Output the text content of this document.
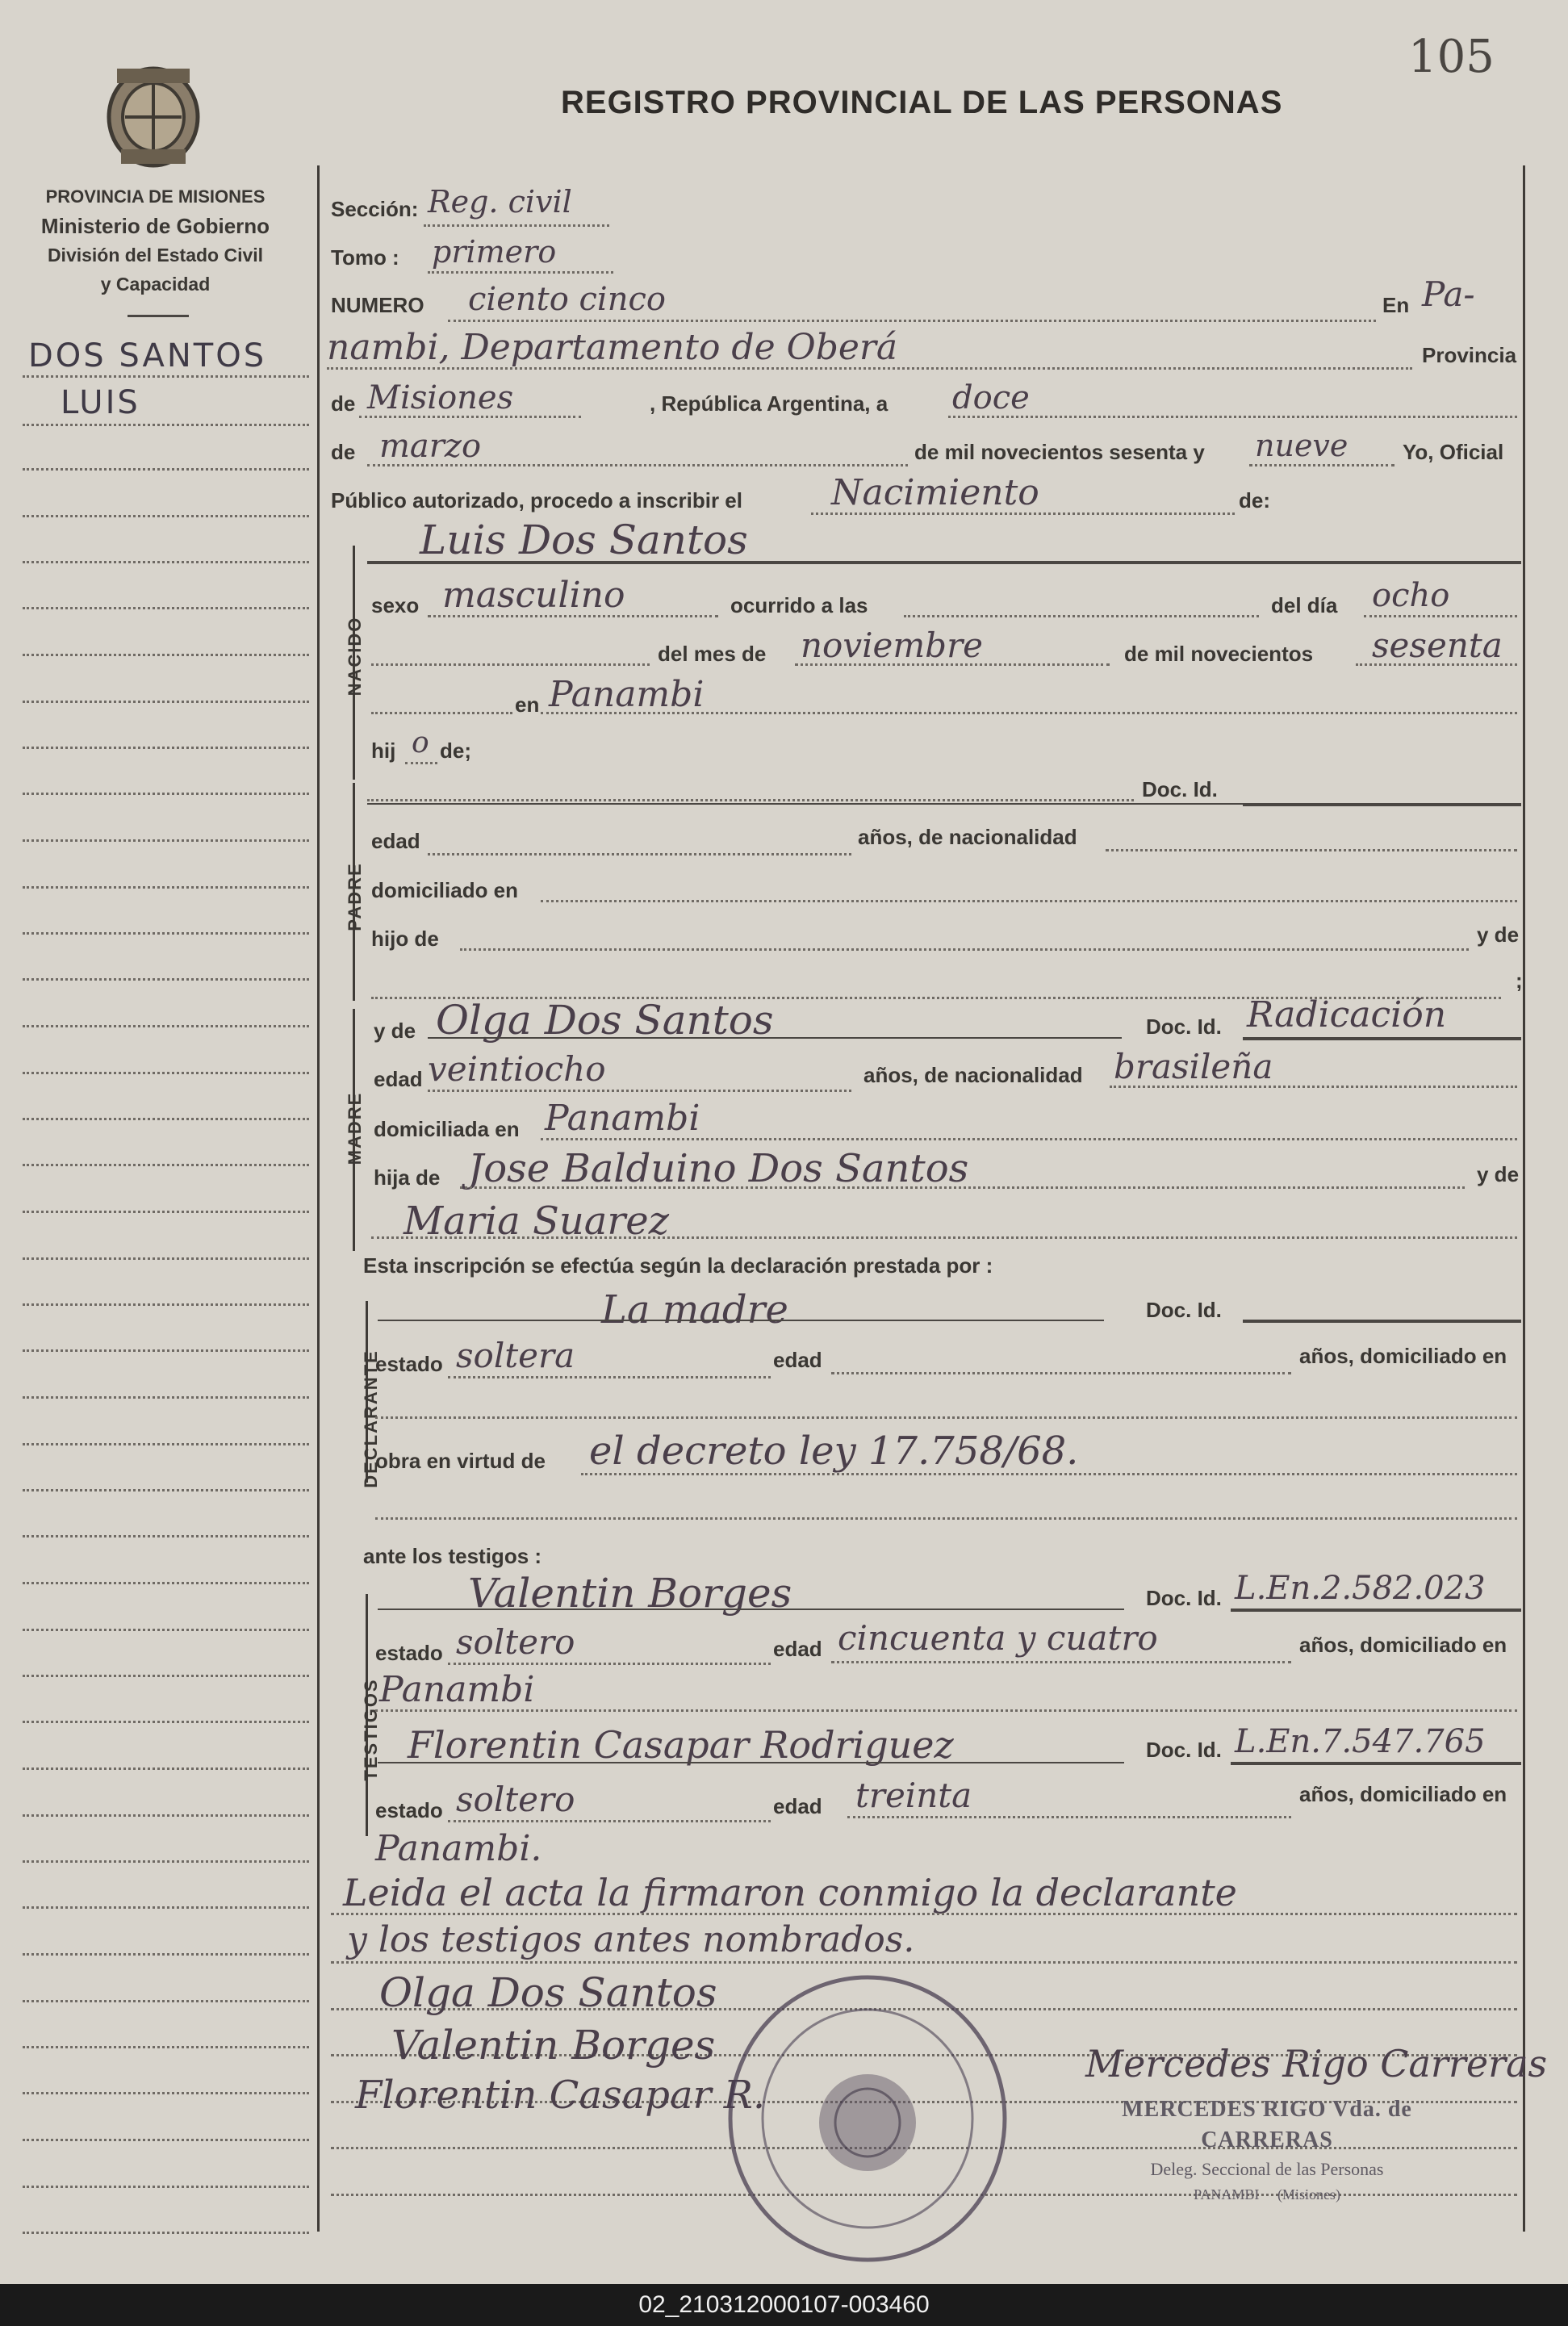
105
REGISTRO PROVINCIAL DE LAS PERSONAS
PROVINCIA DE MISIONES
Ministerio de Gobierno
División del Estado Civil
y Capacidad
DOS SANTOS
LUIS
Sección: Reg. civil
Tomo : primero
NUMERO ciento cinco	En Pa-
nambi, Departamento de Oberá	Provincia
de Misiones	, República Argentina, a doce
de marzo	de mil novecientos sesenta y nueve	Yo, Oficial
Público autorizado, procedo a inscribir el	Nacimiento	de:
NACIDO
Luis Dos Santos
sexo masculino	ocurrido a las	del día ocho
del mes de noviembre	de mil novecientos sesenta
en Panambi
hij o de;
PADRE
Doc. Id.
edad	años, de nacionalidad
domiciliado en
hijo de	y de
;
MADRE
y de Olga Dos Santos	Doc. Id. Radicación
edad veintiocho	años, de nacionalidad brasileña
domiciliada en Panambi
hija de Jose Balduino Dos Santos	y de
Maria Suarez
Esta inscripción se efectúa según la declaración prestada por :
DECLARANTE
La madre	Doc. Id.
estado soltera	edad	años, domiciliado en
obra en virtud de el decreto ley 17.758/68.
ante los testigos :
TESTIGOS
Valentin Borges	Doc. Id. L.En.2.582.023
estado soltero	edad cincuenta y cuatro	años, domiciliado en
Panambi
Florentin Casapar Rodriguez	Doc. Id. L.En.7.547.765
estado soltero	edad treinta	años, domiciliado en
Panambi.
Leida el acta la firmaron conmigo la declarante
y los testigos antes nombrados.
Olga Dos Santos
Valentin Borges
Florentin Casapar R.
Mercedes Rigo Carreras
MERCEDES RIGO Vda. de CARRERAS
Deleg. Seccional de las Personas
PANAMBI (Misiones)
02_210312000107-003460
